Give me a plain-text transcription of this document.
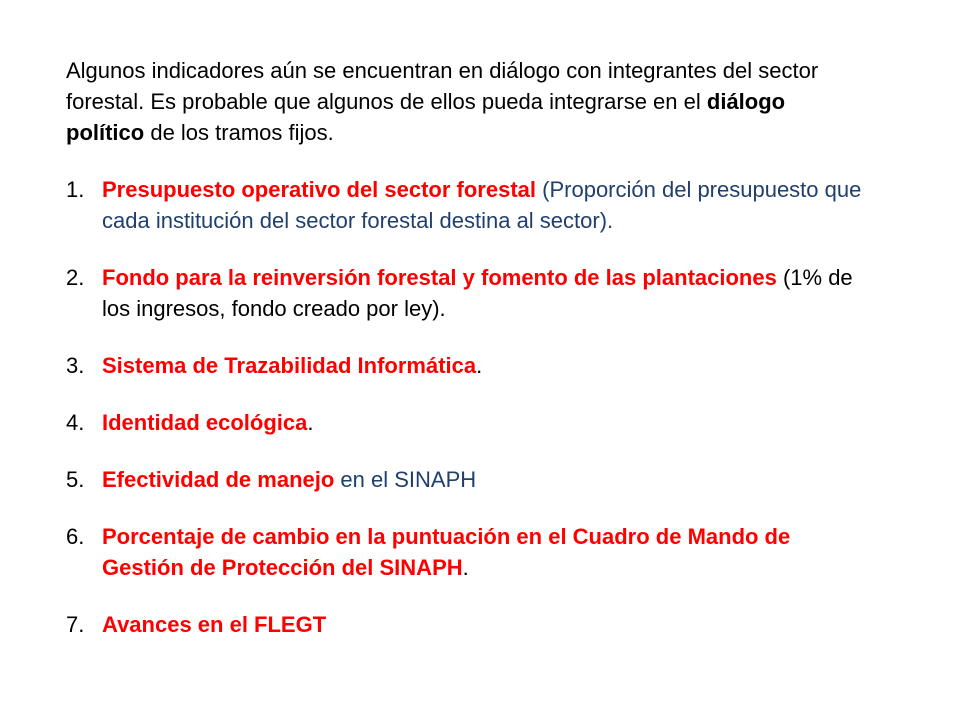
Algunos indicadores aún se encuentran en diálogo con integrantes del sector forestal. Es probable que algunos de ellos pueda integrarse en el diálogo político de los tramos fijos.

1. Presupuesto operativo del sector forestal (Proporción del presupuesto que cada institución del sector forestal destina al sector).
2. Fondo para la reinversión forestal y fomento de las plantaciones (1% de los ingresos, fondo creado por ley).
3. Sistema de Trazabilidad Informática.
4. Identidad ecológica.
5. Efectividad de manejo en el SINAPH
6. Porcentaje de cambio en la puntuación en el Cuadro de Mando de Gestión de Protección del SINAPH.
7. Avances en el FLEGT
